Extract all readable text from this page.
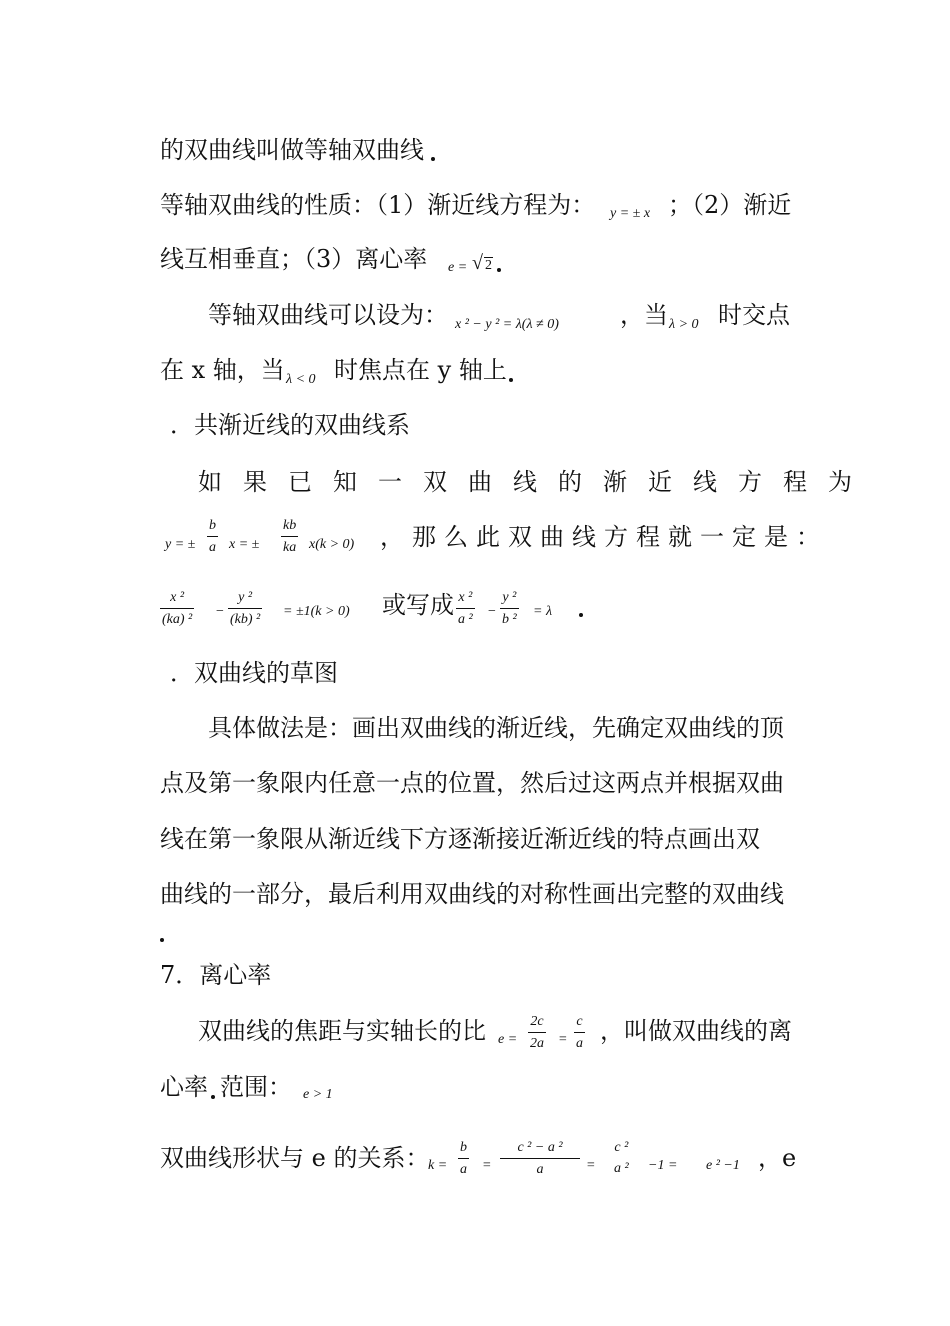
的双曲线叫做等轴双曲线
等轴双曲线的性质：（1）渐近线方程为： y = ± x ；（2）渐近
线互相垂直；（3）离心率 e = √ 2
等轴双曲线可以设为： x ² − y ² = λ(λ ≠ 0)	，当 λ > 0 时交点
在 x 轴，当 λ < 0 时焦点在 y 轴上
．共渐近线的双曲线系
如果已知一双曲线的渐近线方程为
y = ± $\frac{b}{a}$ x = ± $\frac{kb}{ka} x(k > 0)$ ，那么此双曲线方程就一定是：
$\frac{\text{x ²}}{\text{(ka) ²}} - \frac{\text{y ²}}{\text{(kb) ²}} = \pm 1(k > 0)$ 或写成 $\frac{\text{x ²}}{\text{a ²}} - \frac{\text{y ²}}{\text{b ²}} = \lambda$
．双曲线的草图
具体做法是：画出双曲线的渐近线，先确定双曲线的顶
点及第一象限内任意一点的位置，然后过这两点并根据双曲
线在第一象限从渐近线下方逐渐接近渐近线的特点画出双
曲线的一部分，最后利用双曲线的对称性画出完整的双曲线
7．离心率
双曲线的焦距与实轴长的比 $e = \frac{2c}{2a} = \frac{c}{a}$ ，叫做双曲线的离
心率 范围： e > 1
双曲线形状与 e 的关系：
$k = \frac{b}{a} = \frac{\text{c ² − a ²}}{a}$ =
c ²
a ² −1 = e ² −1 ，e
